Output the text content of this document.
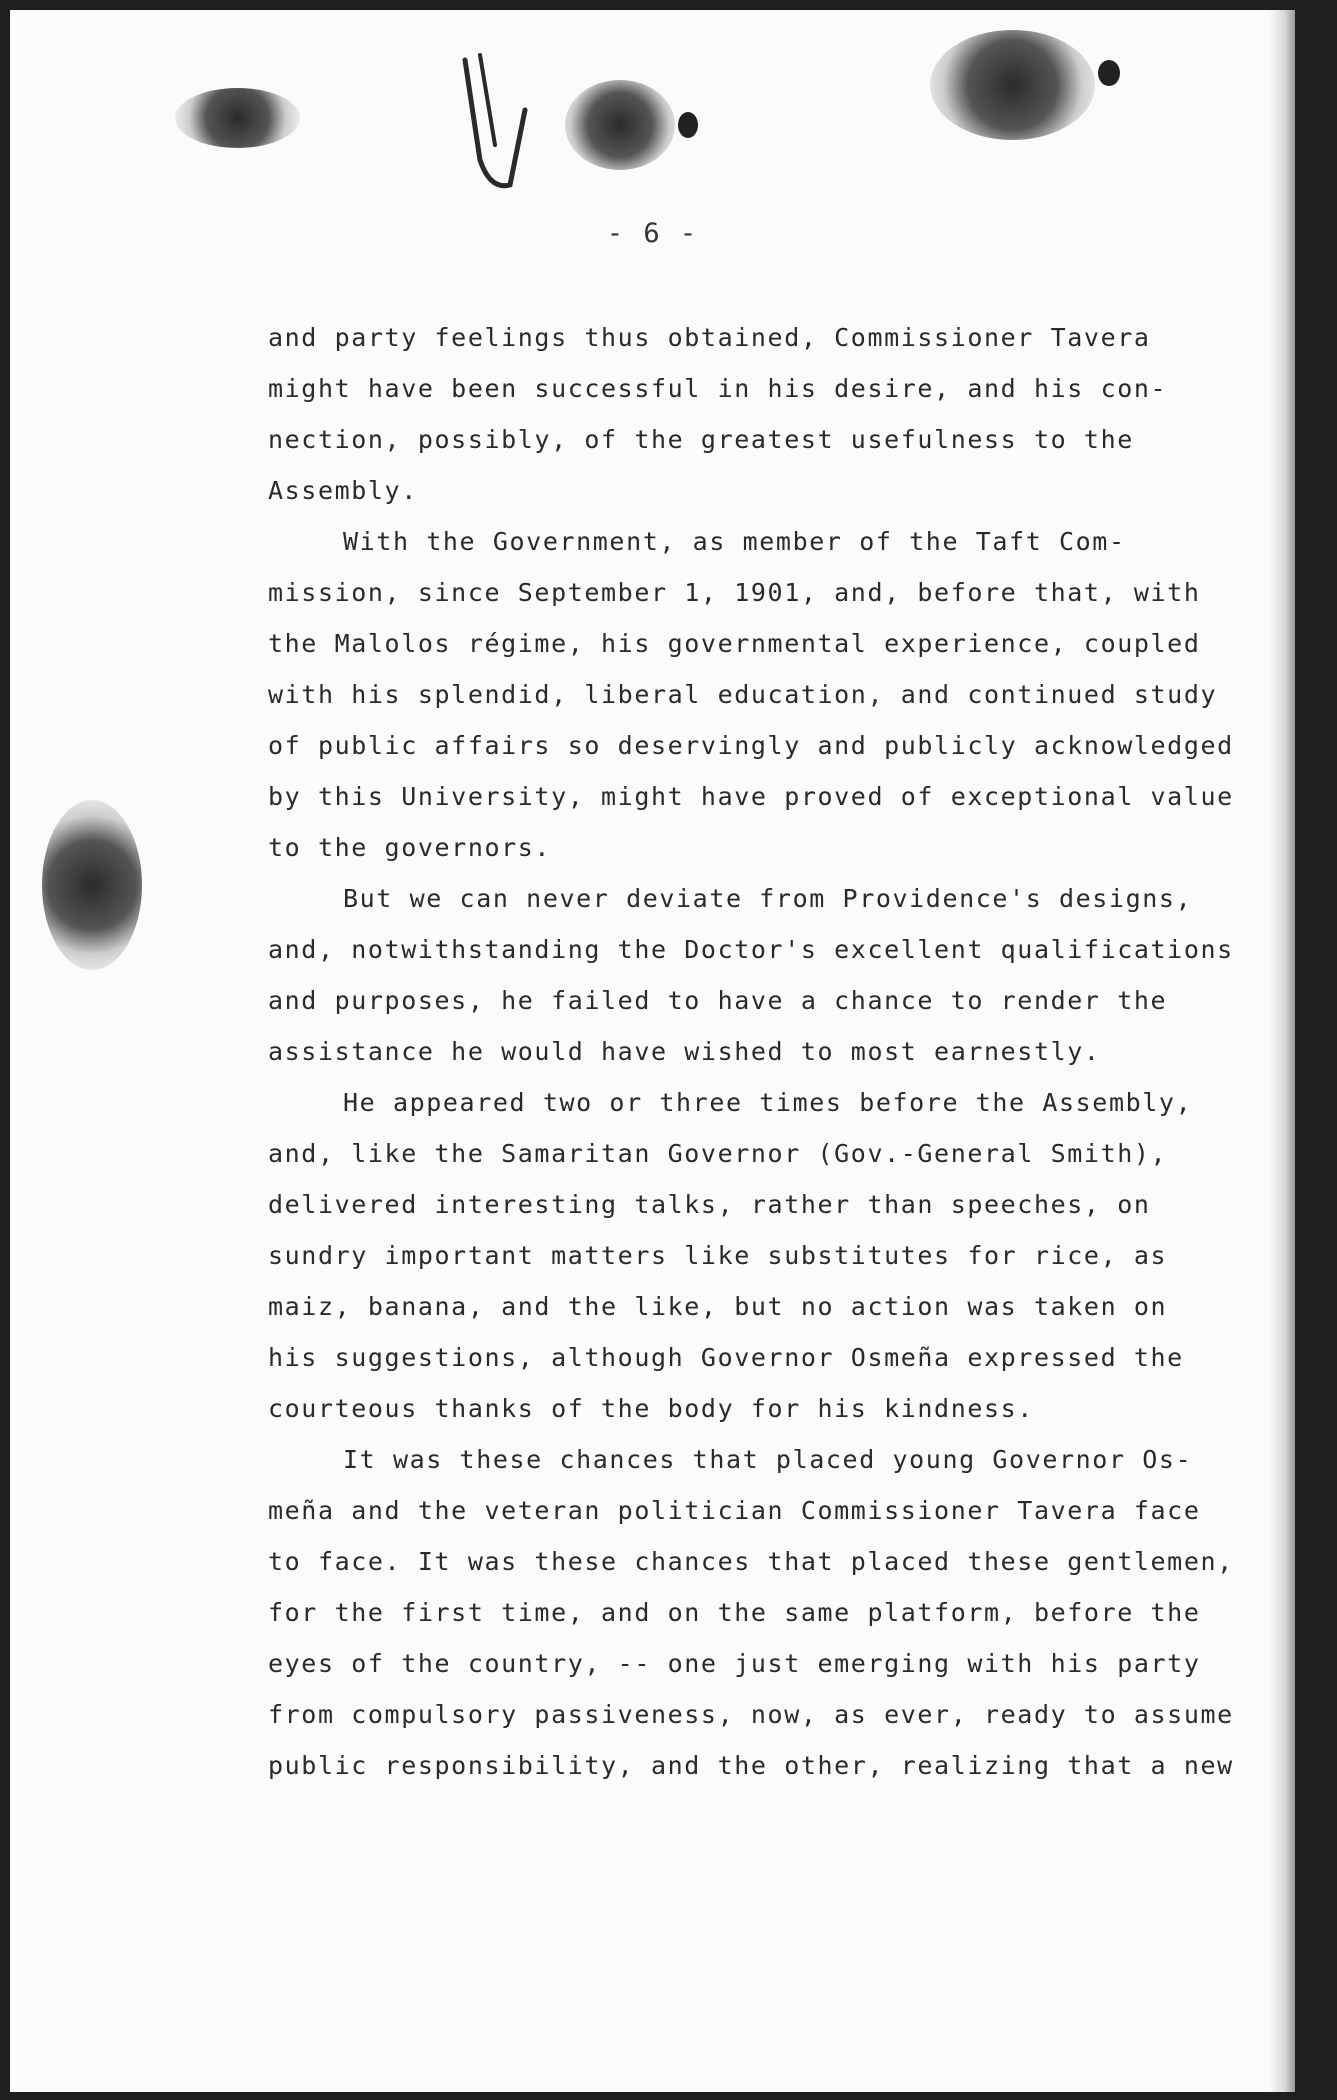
- 6 -
and party feelings thus obtained, Commissioner Tavera
might have been successful in his desire, and his con-
nection, possibly, of the greatest usefulness to the
Assembly.
With the Government, as member of the Taft Com-
mission, since September 1, 1901, and, before that, with
the Malolos régime, his governmental experience, coupled
with his splendid, liberal education, and continued study
of public affairs so deservingly and publicly acknowledged
by this University, might have proved of exceptional value
to the governors.
But we can never deviate from Providence's designs,
and, notwithstanding the Doctor's excellent qualifications
and purposes, he failed to have a chance to render the
assistance he would have wished to most earnestly.
He appeared two or three times before the Assembly,
and, like the Samaritan Governor (Gov.-General Smith),
delivered interesting talks, rather than speeches, on
sundry important matters like substitutes for rice, as
maiz, banana, and the like, but no action was taken on
his suggestions, although Governor Osmeña expressed the
courteous thanks of the body for his kindness.
It was these chances that placed young Governor Os-
meña and the veteran politician Commissioner Tavera face
to face. It was these chances that placed these gentlemen,
for the first time, and on the same platform, before the
eyes of the country, -- one just emerging with his party
from compulsory passiveness, now, as ever, ready to assume
public responsibility, and the other, realizing that a new
